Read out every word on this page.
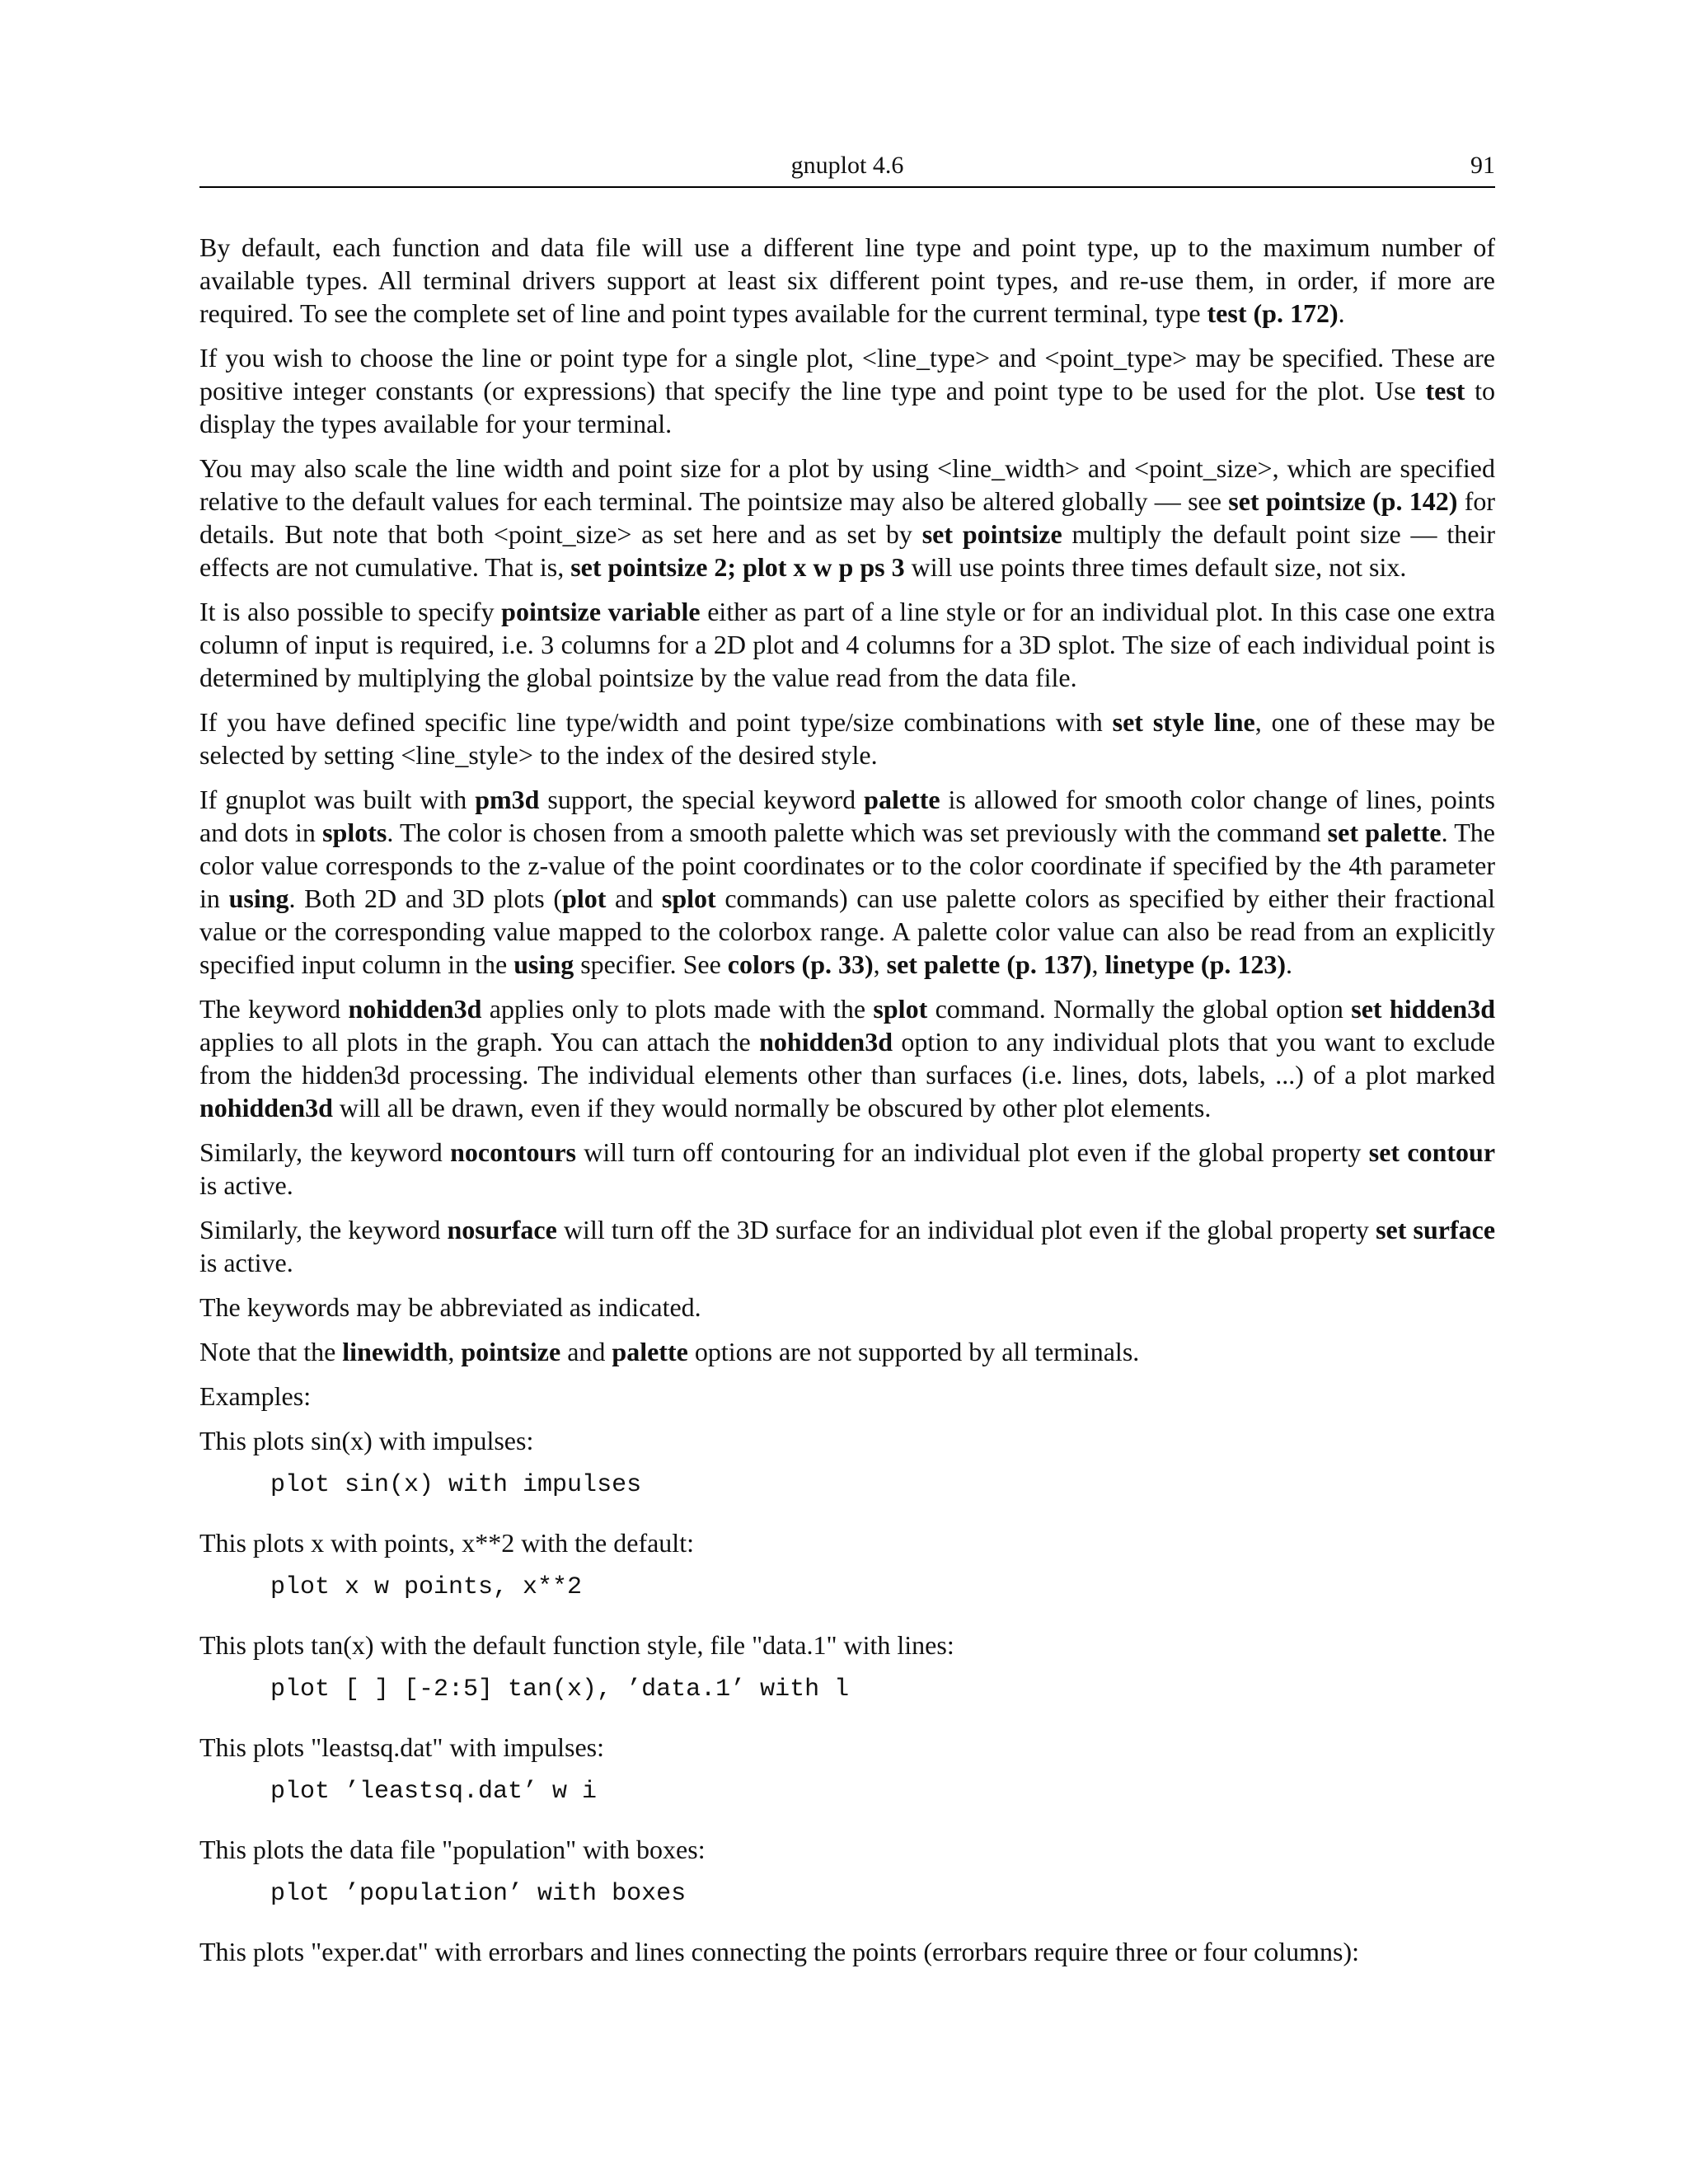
gnuplot 4.6	91

By default, each function and data file will use a different line type and point type, up to the maximum number of available types. All terminal drivers support at least six different point types, and re-use them, in order, if more are required. To see the complete set of line and point types available for the current terminal, type test (p. 172).

If you wish to choose the line or point type for a single plot, <line_type> and <point_type> may be specified. These are positive integer constants (or expressions) that specify the line type and point type to be used for the plot. Use test to display the types available for your terminal.

You may also scale the line width and point size for a plot by using <line_width> and <point_size>, which are specified relative to the default values for each terminal. The pointsize may also be altered globally — see set pointsize (p. 142) for details. But note that both <point_size> as set here and as set by set pointsize multiply the default point size — their effects are not cumulative. That is, set pointsize 2; plot x w p ps 3 will use points three times default size, not six.

It is also possible to specify pointsize variable either as part of a line style or for an individual plot. In this case one extra column of input is required, i.e. 3 columns for a 2D plot and 4 columns for a 3D splot. The size of each individual point is determined by multiplying the global pointsize by the value read from the data file.

If you have defined specific line type/width and point type/size combinations with set style line, one of these may be selected by setting <line_style> to the index of the desired style.

If gnuplot was built with pm3d support, the special keyword palette is allowed for smooth color change of lines, points and dots in splots. The color is chosen from a smooth palette which was set previously with the command set palette. The color value corresponds to the z-value of the point coordinates or to the color coordinate if specified by the 4th parameter in using. Both 2D and 3D plots (plot and splot commands) can use palette colors as specified by either their fractional value or the corresponding value mapped to the colorbox range. A palette color value can also be read from an explicitly specified input column in the using specifier. See colors (p. 33), set palette (p. 137), linetype (p. 123).

The keyword nohidden3d applies only to plots made with the splot command. Normally the global option set hidden3d applies to all plots in the graph. You can attach the nohidden3d option to any individual plots that you want to exclude from the hidden3d processing. The individual elements other than surfaces (i.e. lines, dots, labels, ...) of a plot marked nohidden3d will all be drawn, even if they would normally be obscured by other plot elements.

Similarly, the keyword nocontours will turn off contouring for an individual plot even if the global property set contour is active.

Similarly, the keyword nosurface will turn off the 3D surface for an individual plot even if the global property set surface is active.

The keywords may be abbreviated as indicated.

Note that the linewidth, pointsize and palette options are not supported by all terminals.

Examples:

This plots sin(x) with impulses:

plot sin(x) with impulses

This plots x with points, x**2 with the default:

plot x w points, x**2

This plots tan(x) with the default function style, file "data.1" with lines:

plot [ ] [-2:5] tan(x), ’data.1’ with l

This plots "leastsq.dat" with impulses:

plot ’leastsq.dat’ w i

This plots the data file "population" with boxes:

plot ’population’ with boxes

This plots "exper.dat" with errorbars and lines connecting the points (errorbars require three or four columns):
